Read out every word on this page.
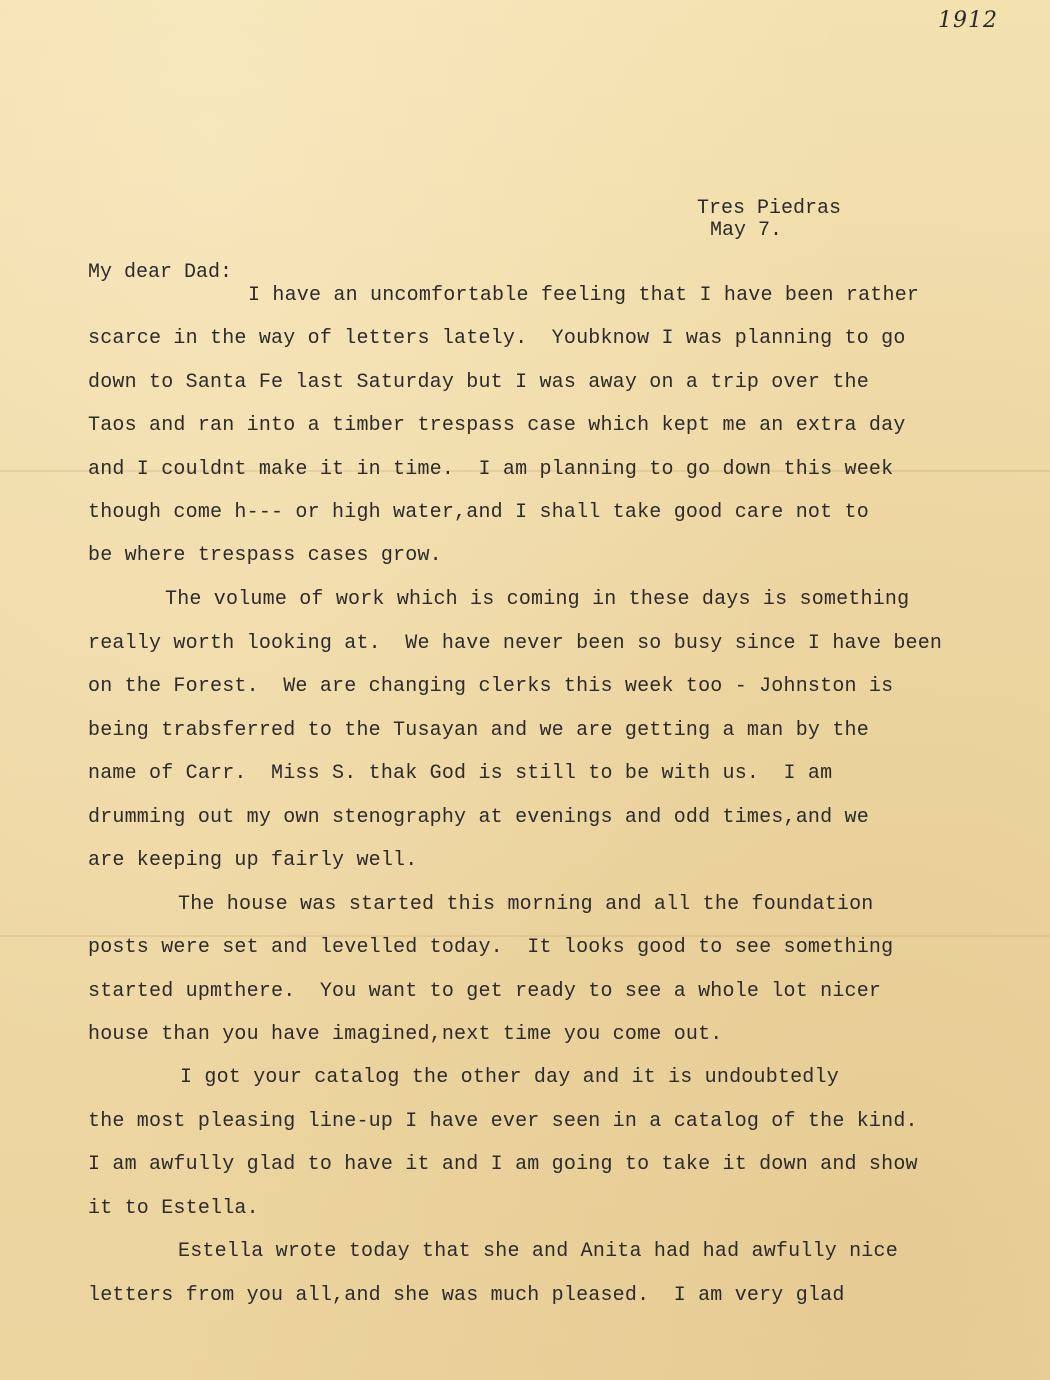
1912
Tres Piedras
May 7.
My dear Dad:
I have an uncomfortable feeling that I have been rather
scarce in the way of letters lately.  Youbknow I was planning to go
down to Santa Fe last Saturday but I was away on a trip over the
Taos and ran into a timber trespass case which kept me an extra day
and I couldnt make it in time.  I am planning to go down this week
though come h--- or high water,and I shall take good care not to
be where trespass cases grow.
The volume of work which is coming in these days is something
really worth looking at.  We have never been so busy since I have been
on the Forest.  We are changing clerks this week too - Johnston is
being trabsferred to the Tusayan and we are getting a man by the
name of Carr.  Miss S. thak God is still to be with us.  I am
drumming out my own stenography at evenings and odd times,and we
are keeping up fairly well.
The house was started this morning and all the foundation
posts were set and levelled today.  It looks good to see something
started upmthere.  You want to get ready to see a whole lot nicer
house than you have imagined,next time you come out.
I got your catalog the other day and it is undoubtedly
the most pleasing line-up I have ever seen in a catalog of the kind.
I am awfully glad to have it and I am going to take it down and show
it to Estella.
Estella wrote today that she and Anita had had awfully nice
letters from you all,and she was much pleased.  I am very glad
